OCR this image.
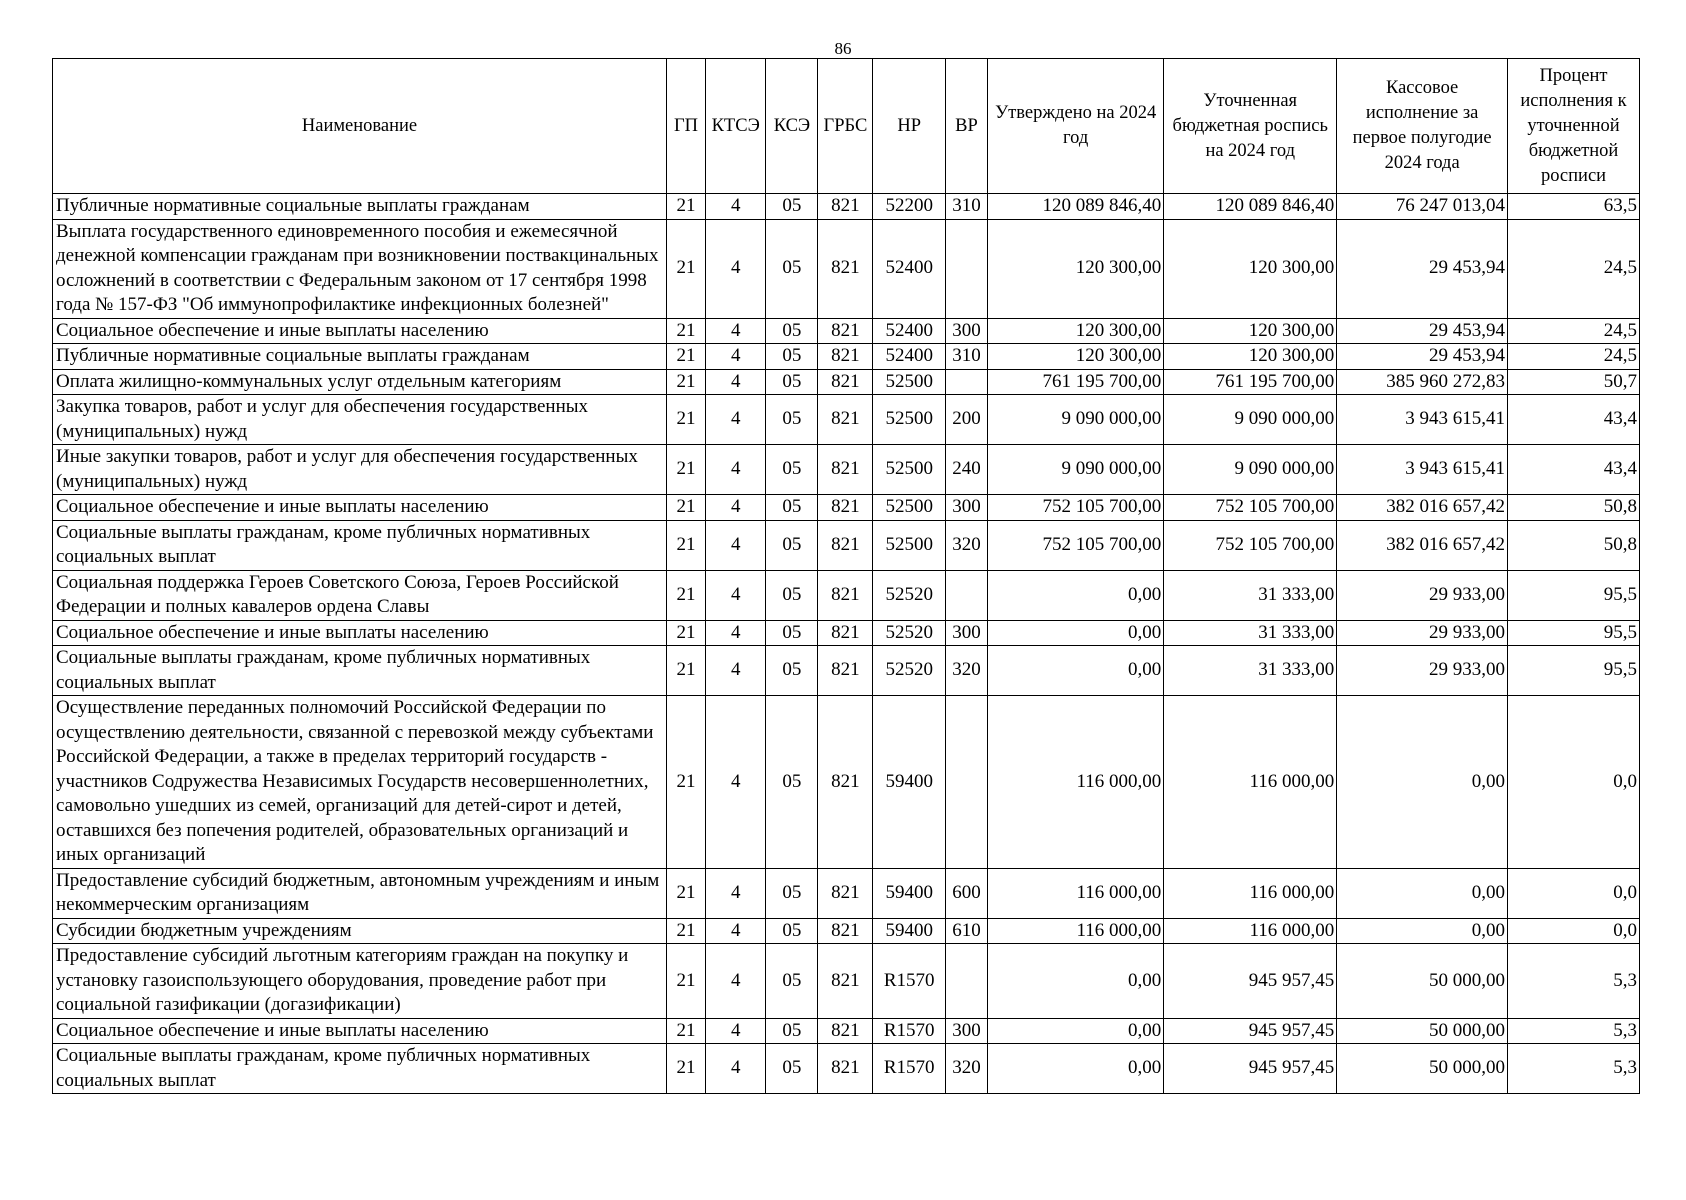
86
Наименование	ГП	КТСЭ	КСЭ	ГРБС	НР	ВР	Утверждено на 2024 год	Уточненная бюджетная роспись на 2024 год	Кассовое исполнение за первое полугодие 2024 года	Процент исполнения к уточненной бюджетной росписи
Публичные нормативные социальные выплаты гражданам	21	4	05	821	52200	310	120 089 846,40	120 089 846,40	76 247 013,04	63,5
Выплата государственного единовременного пособия и ежемесячной денежной компенсации гражданам при возникновении поствакцинальных осложнений в соответствии с Федеральным законом от 17 сентября 1998 года № 157-ФЗ "Об иммунопрофилактике инфекционных болезней"	21	4	05	821	52400		120 300,00	120 300,00	29 453,94	24,5
Социальное обеспечение и иные выплаты населению	21	4	05	821	52400	300	120 300,00	120 300,00	29 453,94	24,5
Публичные нормативные социальные выплаты гражданам	21	4	05	821	52400	310	120 300,00	120 300,00	29 453,94	24,5
Оплата жилищно-коммунальных услуг отдельным категориям	21	4	05	821	52500		761 195 700,00	761 195 700,00	385 960 272,83	50,7
Закупка товаров, работ и услуг для обеспечения государственных (муниципальных) нужд	21	4	05	821	52500	200	9 090 000,00	9 090 000,00	3 943 615,41	43,4
Иные закупки товаров, работ и услуг для обеспечения государственных (муниципальных) нужд	21	4	05	821	52500	240	9 090 000,00	9 090 000,00	3 943 615,41	43,4
Социальное обеспечение и иные выплаты населению	21	4	05	821	52500	300	752 105 700,00	752 105 700,00	382 016 657,42	50,8
Социальные выплаты гражданам, кроме публичных нормативных социальных выплат	21	4	05	821	52500	320	752 105 700,00	752 105 700,00	382 016 657,42	50,8
Социальная поддержка Героев Советского Союза, Героев Российской Федерации и полных кавалеров ордена Славы	21	4	05	821	52520		0,00	31 333,00	29 933,00	95,5
Социальное обеспечение и иные выплаты населению	21	4	05	821	52520	300	0,00	31 333,00	29 933,00	95,5
Социальные выплаты гражданам, кроме публичных нормативных социальных выплат	21	4	05	821	52520	320	0,00	31 333,00	29 933,00	95,5
Осуществление переданных полномочий Российской Федерации по осуществлению деятельности, связанной с перевозкой между субъектами Российской Федерации, а также в пределах территорий государств - участников Содружества Независимых Государств несовершеннолетних, самовольно ушедших из семей, организаций для детей-сирот и детей, оставшихся без попечения родителей, образовательных организаций и иных организаций	21	4	05	821	59400		116 000,00	116 000,00	0,00	0,0
Предоставление субсидий бюджетным, автономным учреждениям и иным некоммерческим организациям	21	4	05	821	59400	600	116 000,00	116 000,00	0,00	0,0
Субсидии бюджетным учреждениям	21	4	05	821	59400	610	116 000,00	116 000,00	0,00	0,0
Предоставление субсидий льготным категориям граждан на покупку и установку газоиспользующего оборудования, проведение работ при социальной газификации (догазификации)	21	4	05	821	R1570		0,00	945 957,45	50 000,00	5,3
Социальное обеспечение и иные выплаты населению	21	4	05	821	R1570	300	0,00	945 957,45	50 000,00	5,3
Социальные выплаты гражданам, кроме публичных нормативных социальных выплат	21	4	05	821	R1570	320	0,00	945 957,45	50 000,00	5,3
